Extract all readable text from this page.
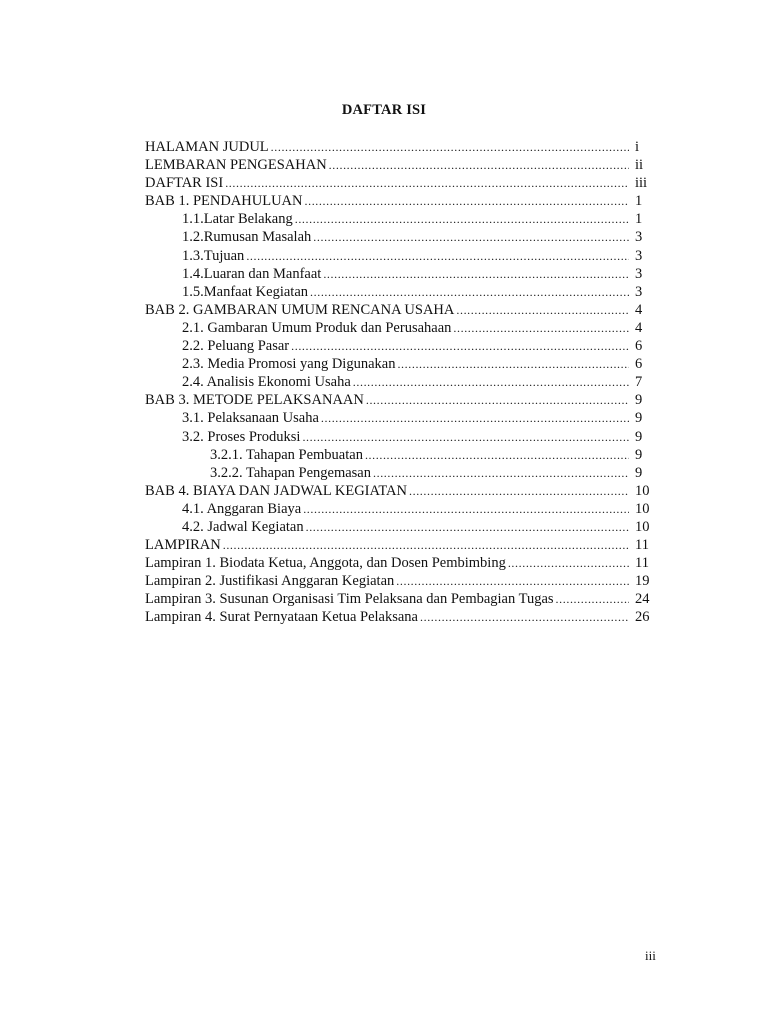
DAFTAR ISI
HALAMAN JUDUL .....	i
LEMBARAN PENGESAHAN .....	ii
DAFTAR ISI .....	iii
BAB 1. PENDAHULUAN .....	1
1.1.Latar Belakang .....	1
1.2.Rumusan Masalah .....	3
1.3.Tujuan .....	3
1.4.Luaran dan Manfaat .....	3
1.5.Manfaat Kegiatan .....	3
BAB 2. GAMBARAN UMUM RENCANA USAHA .....	4
2.1. Gambaran Umum Produk dan Perusahaan .....	4
2.2. Peluang Pasar .....	6
2.3. Media Promosi yang Digunakan .....	6
2.4. Analisis Ekonomi Usaha .....	7
BAB 3. METODE PELAKSANAAN .....	9
3.1. Pelaksanaan Usaha .....	9
3.2. Proses Produksi .....	9
3.2.1. Tahapan Pembuatan .....	9
3.2.2. Tahapan Pengemasan .....	9
BAB 4. BIAYA DAN JADWAL KEGIATAN .....	10
4.1. Anggaran Biaya .....	10
4.2. Jadwal Kegiatan .....	10
LAMPIRAN .....	11
Lampiran 1. Biodata Ketua, Anggota, dan Dosen Pembimbing .....	11
Lampiran 2. Justifikasi Anggaran Kegiatan .....	19
Lampiran 3. Susunan Organisasi Tim Pelaksana dan Pembagian Tugas .....	24
Lampiran 4. Surat Pernyataan Ketua Pelaksana .....	26
iii
